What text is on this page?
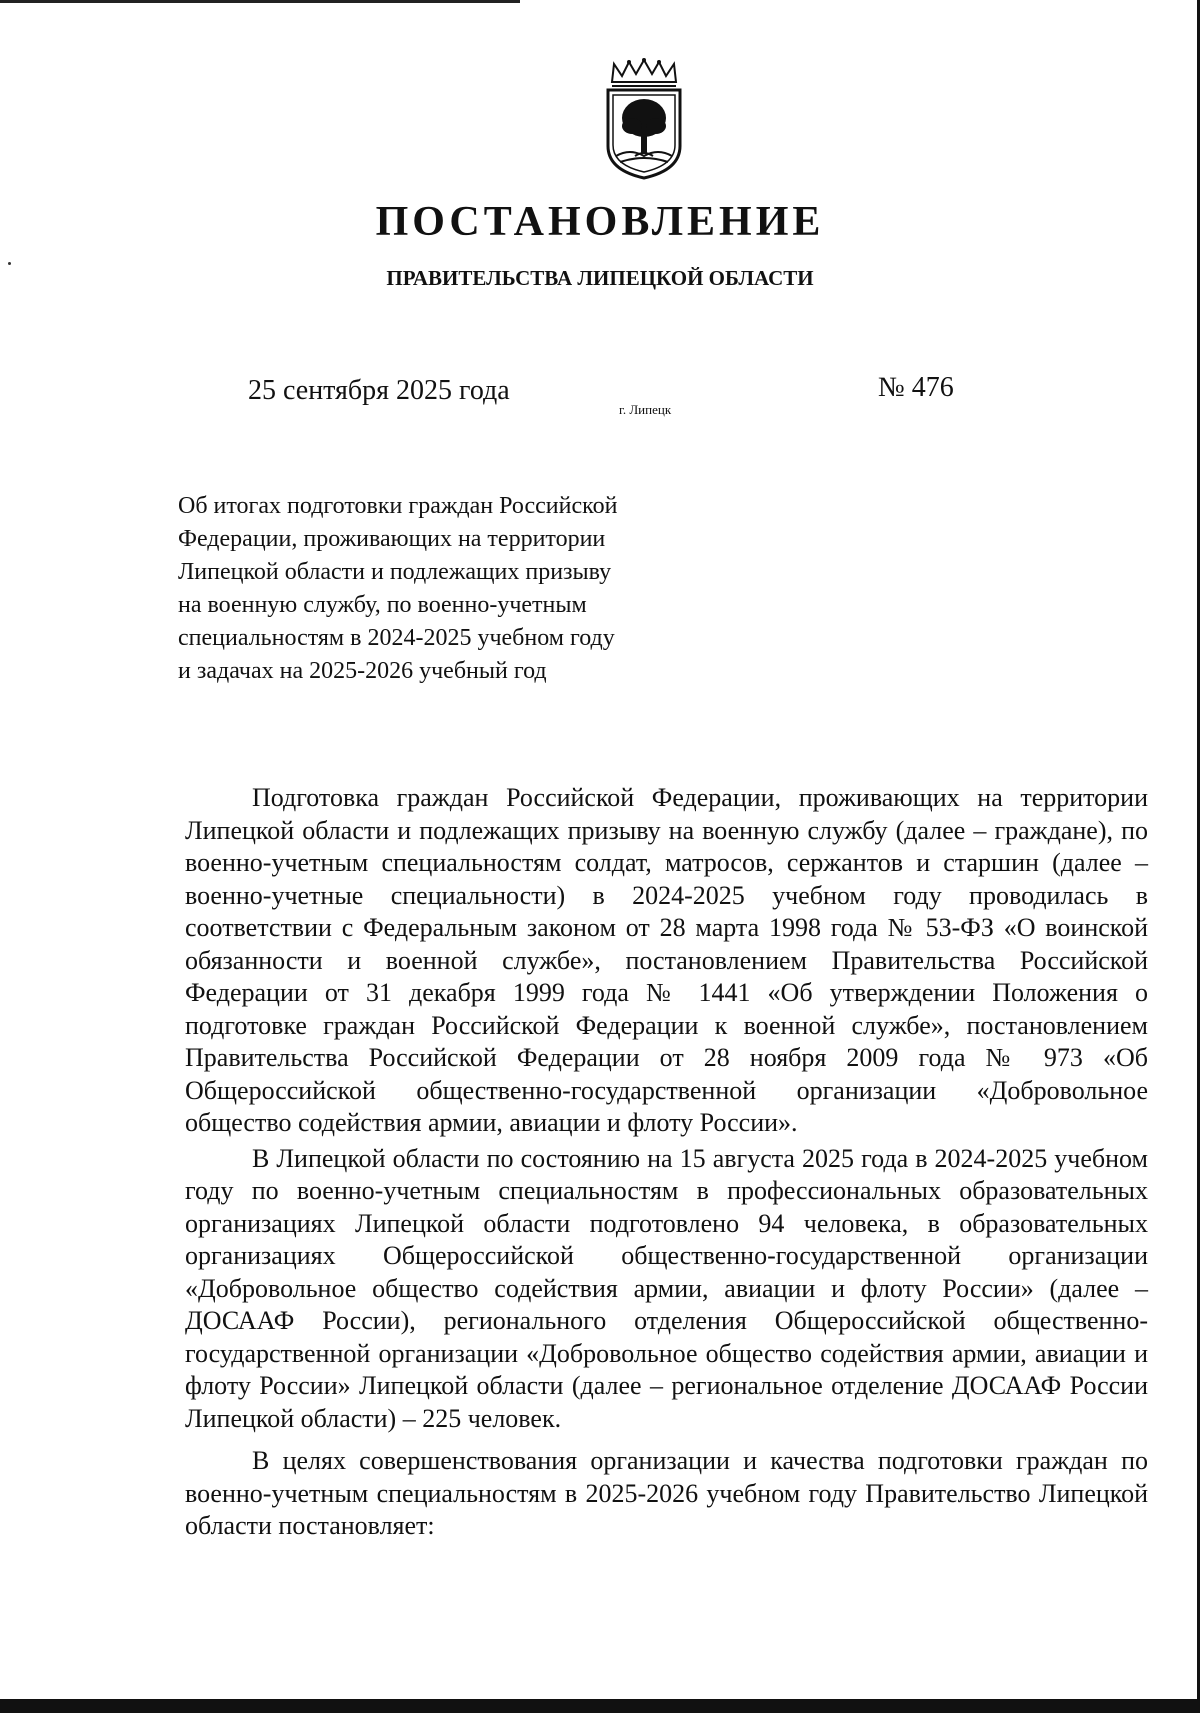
ПОСТАНОВЛЕНИЕ
ПРАВИТЕЛЬСТВА ЛИПЕЦКОЙ ОБЛАСТИ
25 сентября 2025 года
г. Липецк
№ 476
Об итогах подготовки граждан Российской
Федерации, проживающих на территории
Липецкой области и подлежащих призыву
на военную службу, по военно-учетным
специальностям в 2024-2025 учебном году
и задачах на 2025-2026 учебный год

Подготовка граждан Российской Федерации, проживающих на территории Липецкой области и подлежащих призыву на военную службу (далее – граждане), по военно-учетным специальностям солдат, матросов, сержантов и старшин (далее – военно-учетные специальности) в 2024-2025 учебном году проводилась в соответствии с Федеральным законом от 28 марта 1998 года № 53-ФЗ «О воинской обязанности и военной службе», постановлением Правительства Российской Федерации от 31 декабря 1999 года № 1441 «Об утверждении Положения о подготовке граждан Российской Федерации к военной службе», постановлением Правительства Российской Федерации от 28 ноября 2009 года № 973 «Об Общероссийской общественно-государственной организации «Добровольное общество содействия армии, авиации и флоту России».

В Липецкой области по состоянию на 15 августа 2025 года в 2024-2025 учебном году по военно-учетным специальностям в профессиональных образовательных организациях Липецкой области подготовлено 94 человека, в образовательных организациях Общероссийской общественно-государственной организации «Добровольное общество содействия армии, авиации и флоту России» (далее – ДОСААФ России), регионального отделения Общероссийской общественно-государственной организации «Добровольное общество содействия армии, авиации и флоту России» Липецкой области (далее – региональное отделение ДОСААФ России Липецкой области) – 225 человек.

В целях совершенствования организации и качества подготовки граждан по военно-учетным специальностям в 2025-2026 учебном году Правительство Липецкой области постановляет:
